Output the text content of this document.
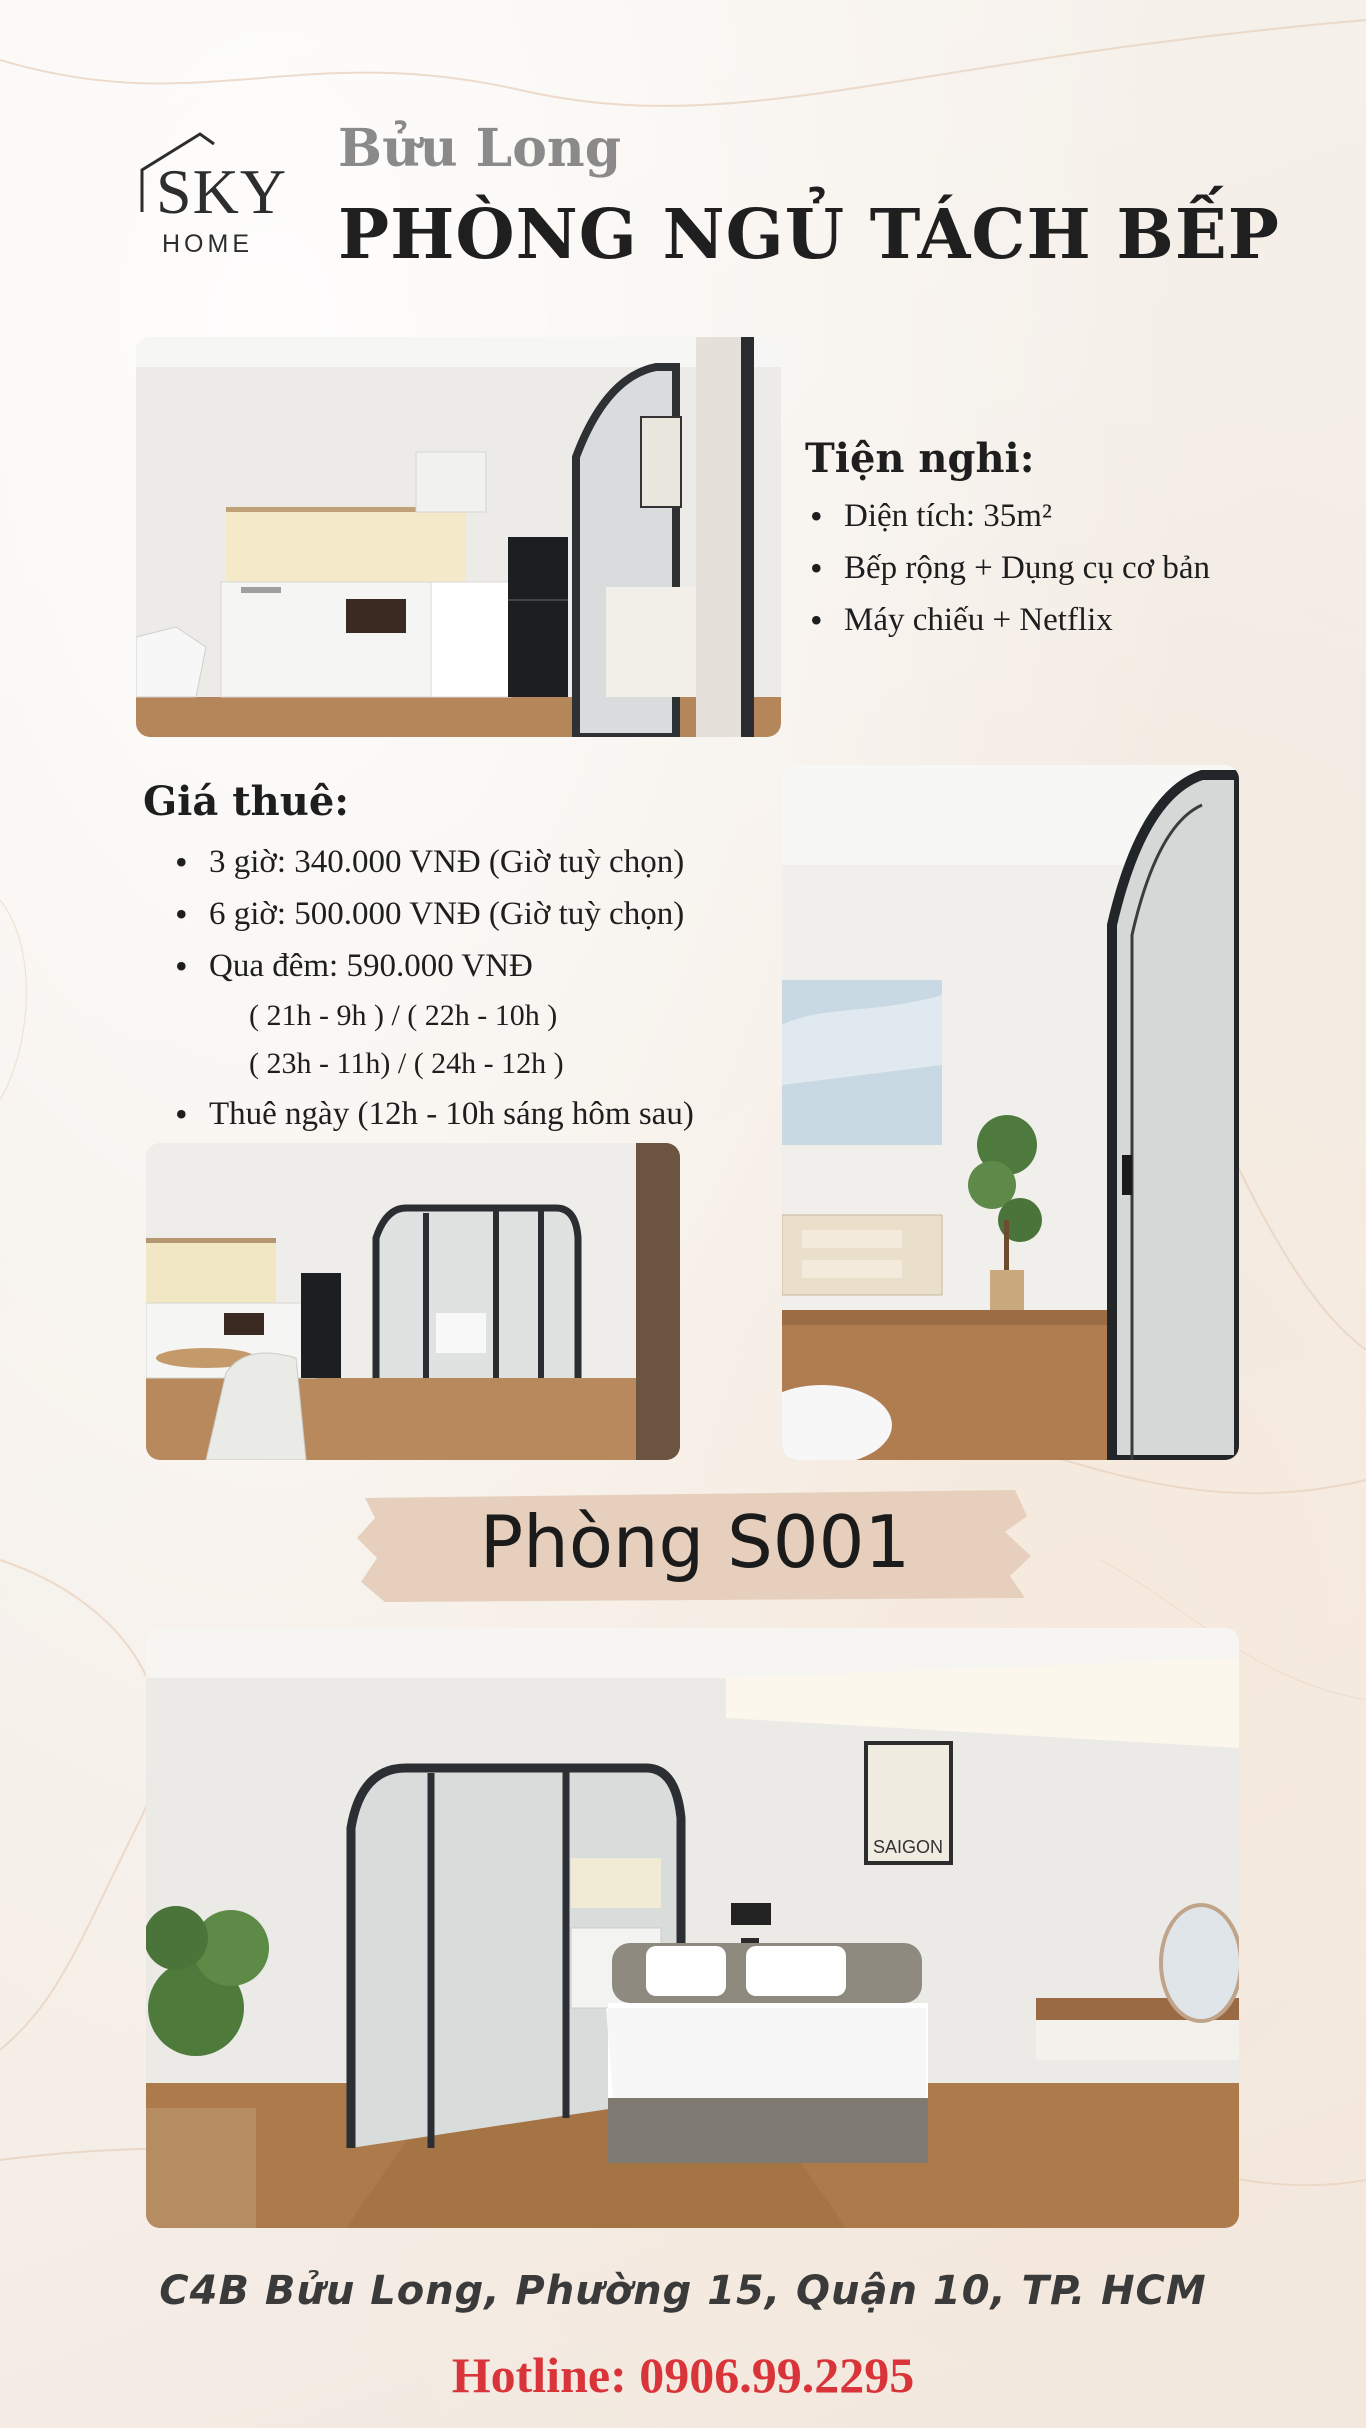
SKY
HOME
Bửu Long
PHÒNG NGỦ TÁCH BẾP
Tiện nghi:
• Diện tích: 35m²
• Bếp rộng + Dụng cụ cơ bản
• Máy chiếu + Netflix
Giá thuê:
• 3 giờ: 340.000 VNĐ (Giờ tuỳ chọn)
• 6 giờ: 500.000 VNĐ (Giờ tuỳ chọn)
• Qua đêm: 590.000 VNĐ
( 21h - 9h ) / ( 22h - 10h )
( 23h - 11h) / ( 24h - 12h )
• Thuê ngày (12h - 10h sáng hôm sau)
Phòng S001
SAIGON
C4B Bửu Long, Phường 15, Quận 10, TP. HCM
Hotline: 0906.99.2295
